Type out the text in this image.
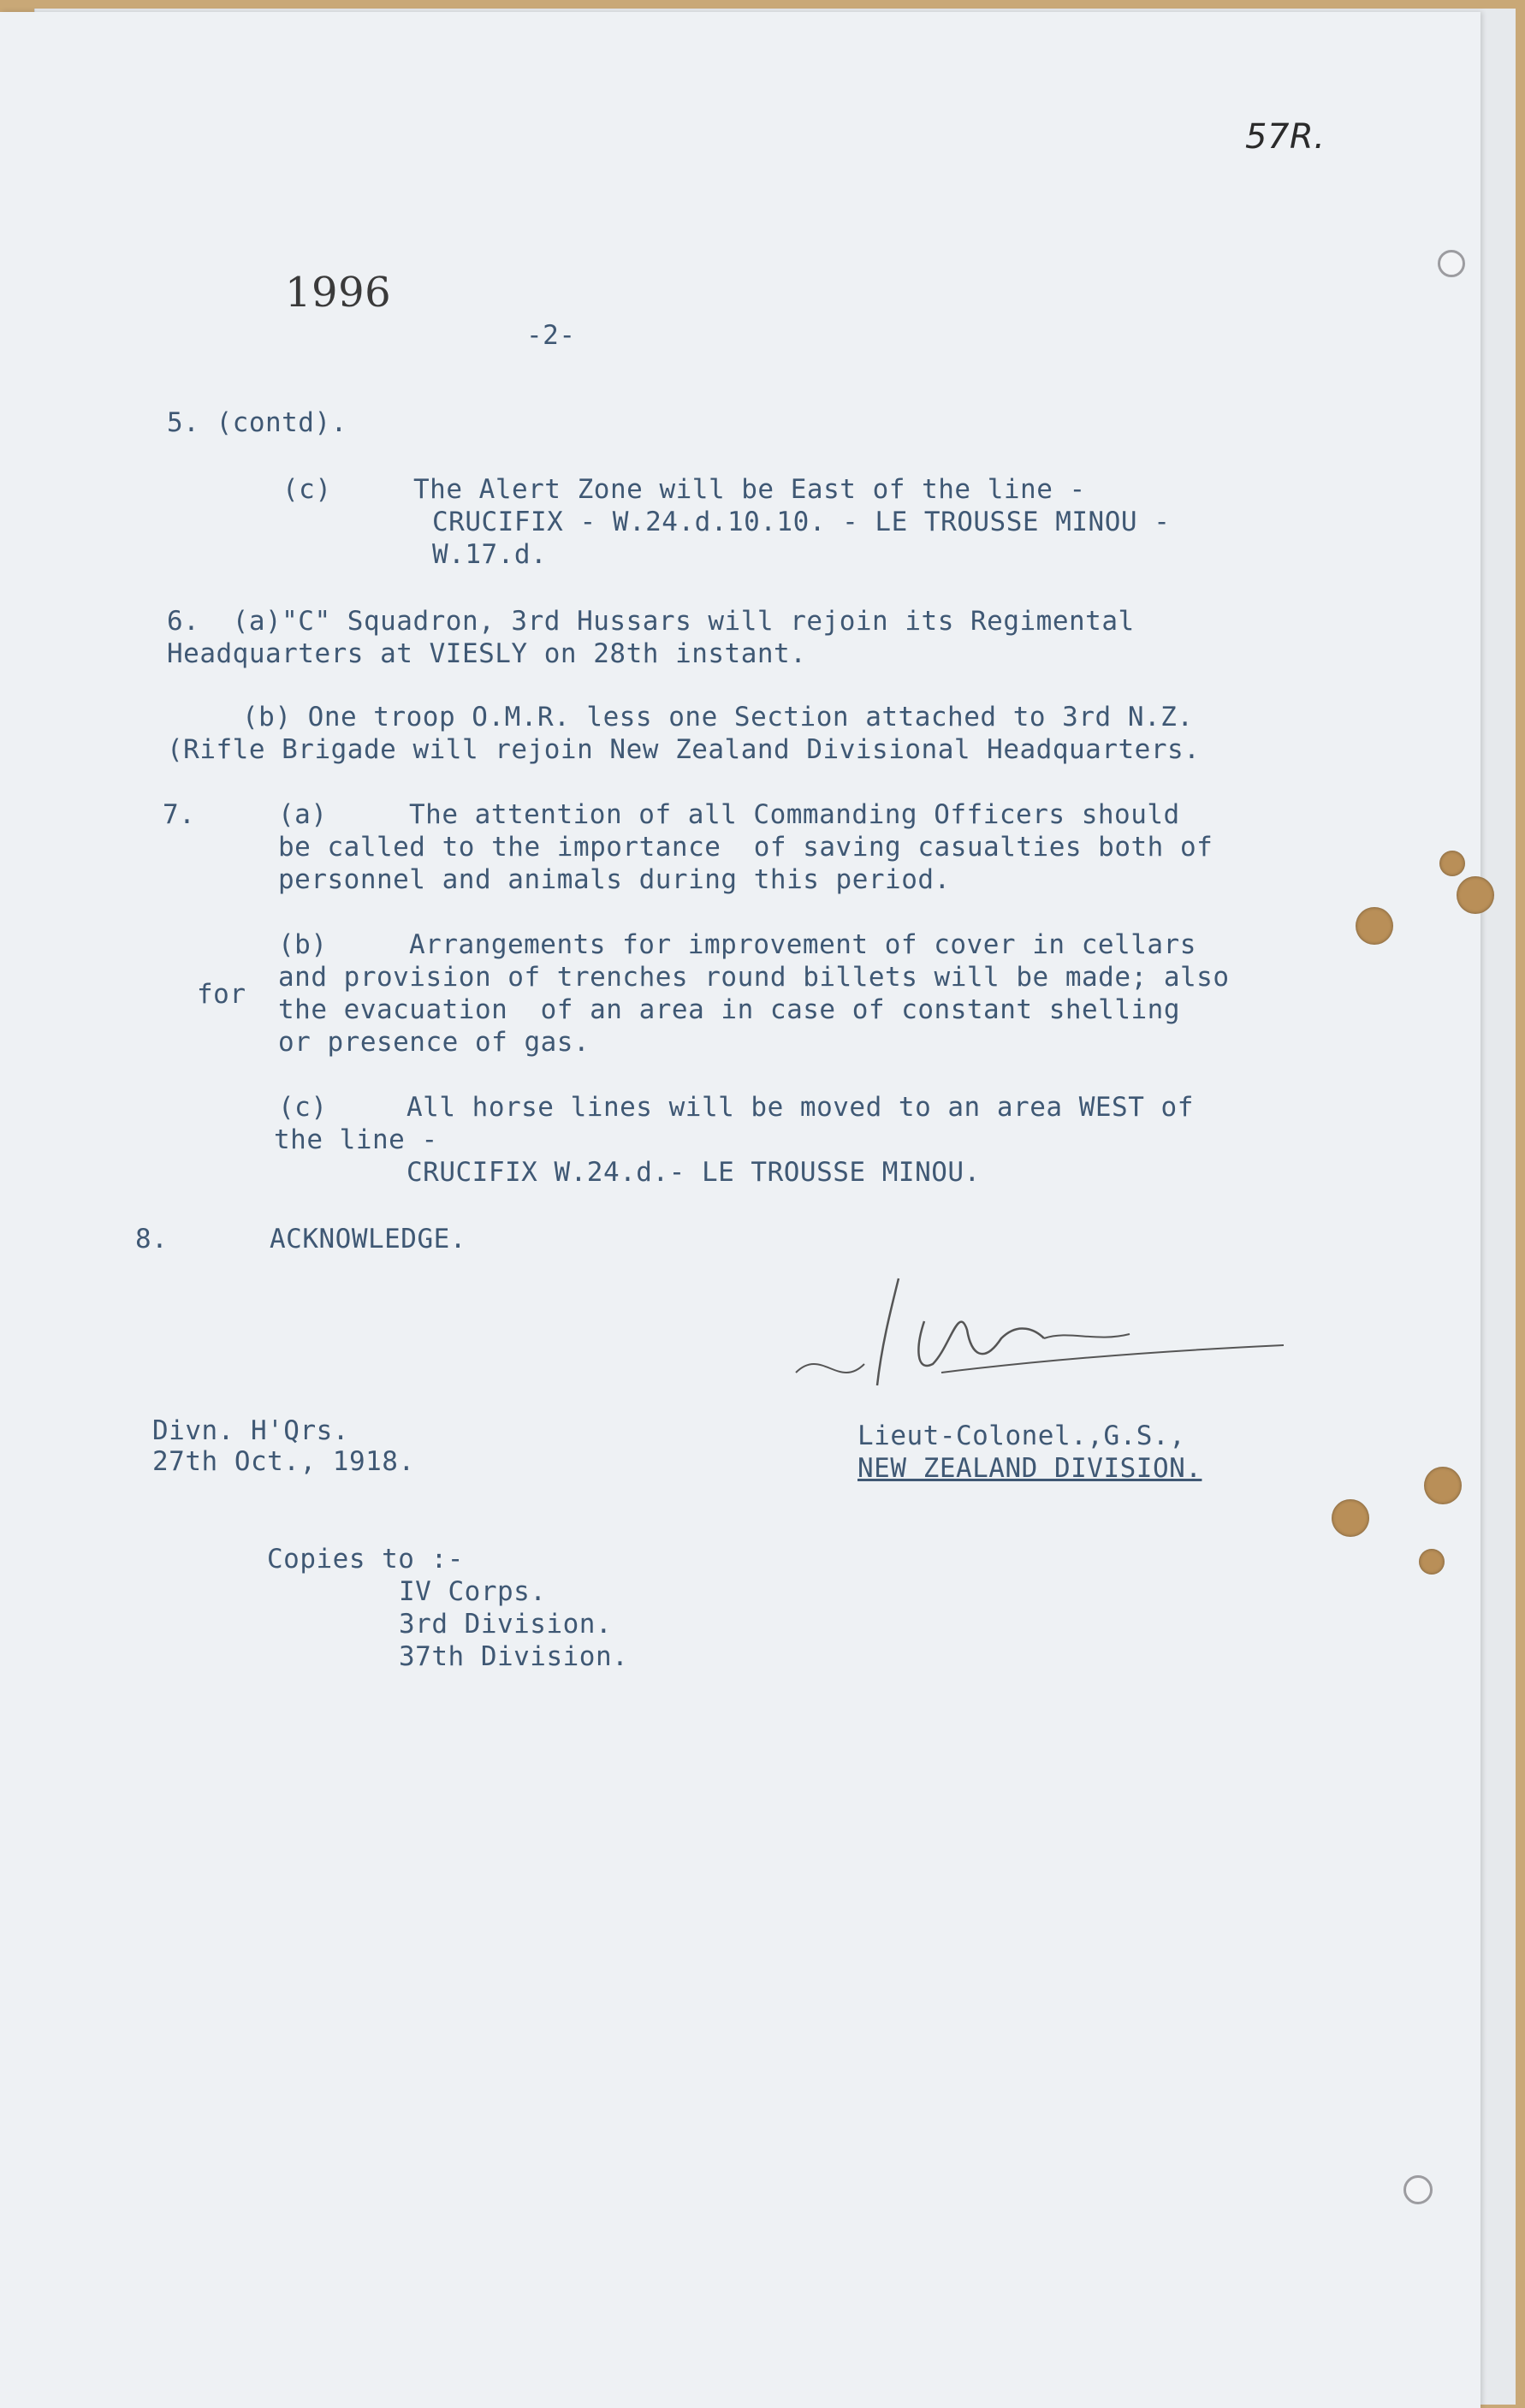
57R.
1996
-2-
5. (contd).
(c)	The Alert Zone will be East of the line -
CRUCIFIX - W.24.d.10.10. - LE TROUSSE MINOU -
W.17.d.
6.  (a)"C" Squadron, 3rd Hussars will rejoin its Regimental
Headquarters at VIESLY on 28th instant.
(b) One troop O.M.R. less one Section attached to 3rd N.Z.
(Rifle Brigade will rejoin New Zealand Divisional Headquarters.
7.	(a)	The attention of all Commanding Officers should
be called to the importance  of saving casualties both of
personnel and animals during this period.
(b)	Arrangements for improvement of cover in cellars
and provision of trenches round billets will be made; also
for the evacuation  of an area in case of constant shelling
or presence of gas.
(c)	All horse lines will be moved to an area WEST of
the line -
CRUCIFIX W.24.d.- LE TROUSSE MINOU.
8.	ACKNOWLEDGE.
Divn. H'Qrs.
27th Oct., 1918.
Lieut-Colonel.,G.S.,
NEW ZEALAND DIVISION.
Copies to :-
IV Corps.
3rd Division.
37th Division.
